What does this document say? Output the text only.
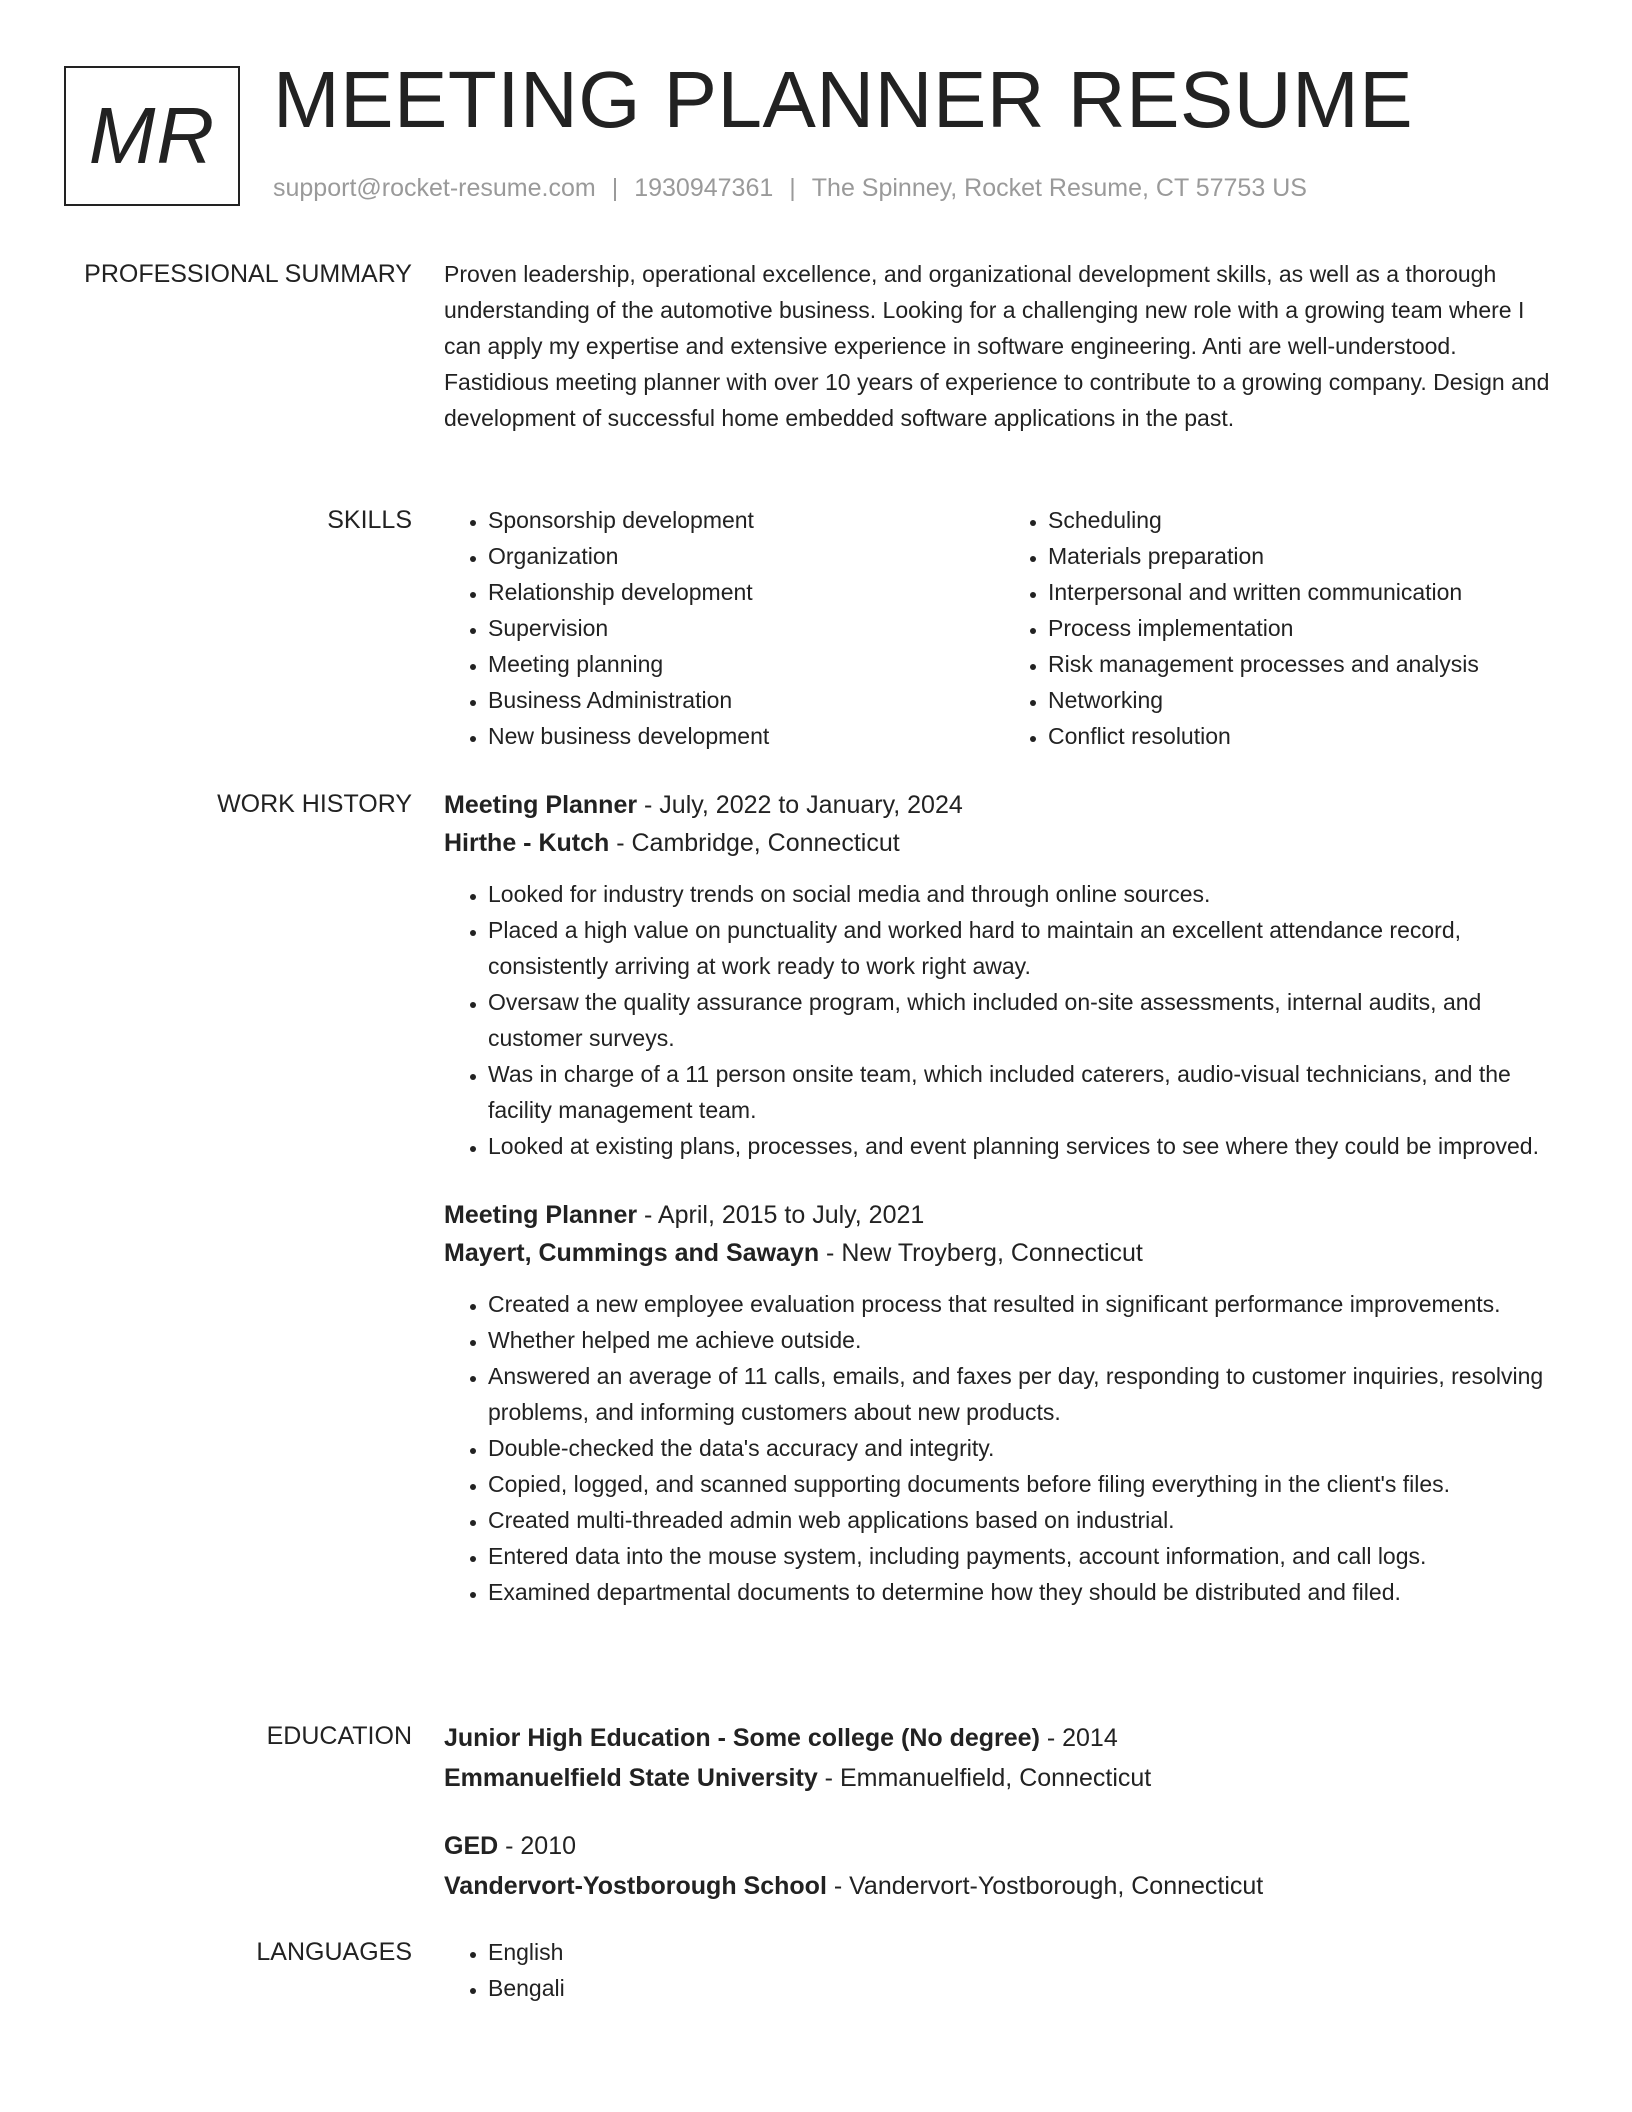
MR MEETING PLANNER RESUME
support@rocket-resume.com | 1930947361 | The Spinney, Rocket Resume, CT 57753 US
PROFESSIONAL SUMMARY Proven leadership, operational excellence, and organizational development skills, as well as a thorough understanding of the automotive business. Looking for a challenging new role with a growing team where I can apply my expertise and extensive experience in software engineering. Anti are well-understood. Fastidious meeting planner with over 10 years of experience to contribute to a growing company. Design and development of successful home embedded software applications in the past.
SKILLS	• Sponsorship development
• Organization
• Relationship development
• Supervision
• Meeting planning
• Business Administration
• New business development
• Scheduling
• Materials preparation
• Interpersonal and written communication
• Process implementation
• Risk management processes and analysis
• Networking
• Conflict resolution
WORK HISTORY Meeting Planner - July, 2022 to January, 2024
Hirthe - Kutch - Cambridge, Connecticut
• Looked for industry trends on social media and through online sources.
• Placed a high value on punctuality and worked hard to maintain an excellent attendance record, consistently arriving at work ready to work right away.
• Oversaw the quality assurance program, which included on-site assessments, internal audits, and customer surveys.
• Was in charge of a 11 person onsite team, which included caterers, audio-visual technicians, and the facility management team.
• Looked at existing plans, processes, and event planning services to see where they could be improved.
Meeting Planner - April, 2015 to July, 2021
Mayert, Cummings and Sawayn - New Troyberg, Connecticut
• Created a new employee evaluation process that resulted in significant performance improvements.
• Whether helped me achieve outside.
• Answered an average of 11 calls, emails, and faxes per day, responding to customer inquiries, resolving problems, and informing customers about new products.
• Double-checked the data's accuracy and integrity.
• Copied, logged, and scanned supporting documents before filing everything in the client's files.
• Created multi-threaded admin web applications based on industrial.
• Entered data into the mouse system, including payments, account information, and call logs.
• Examined departmental documents to determine how they should be distributed and filed.
EDUCATION Junior High Education - Some college (No degree) - 2014
Emmanuelfield State University - Emmanuelfield, Connecticut
GED - 2010
Vandervort-Yostborough School - Vandervort-Yostborough, Connecticut
LANGUAGES	• English
• Bengali
